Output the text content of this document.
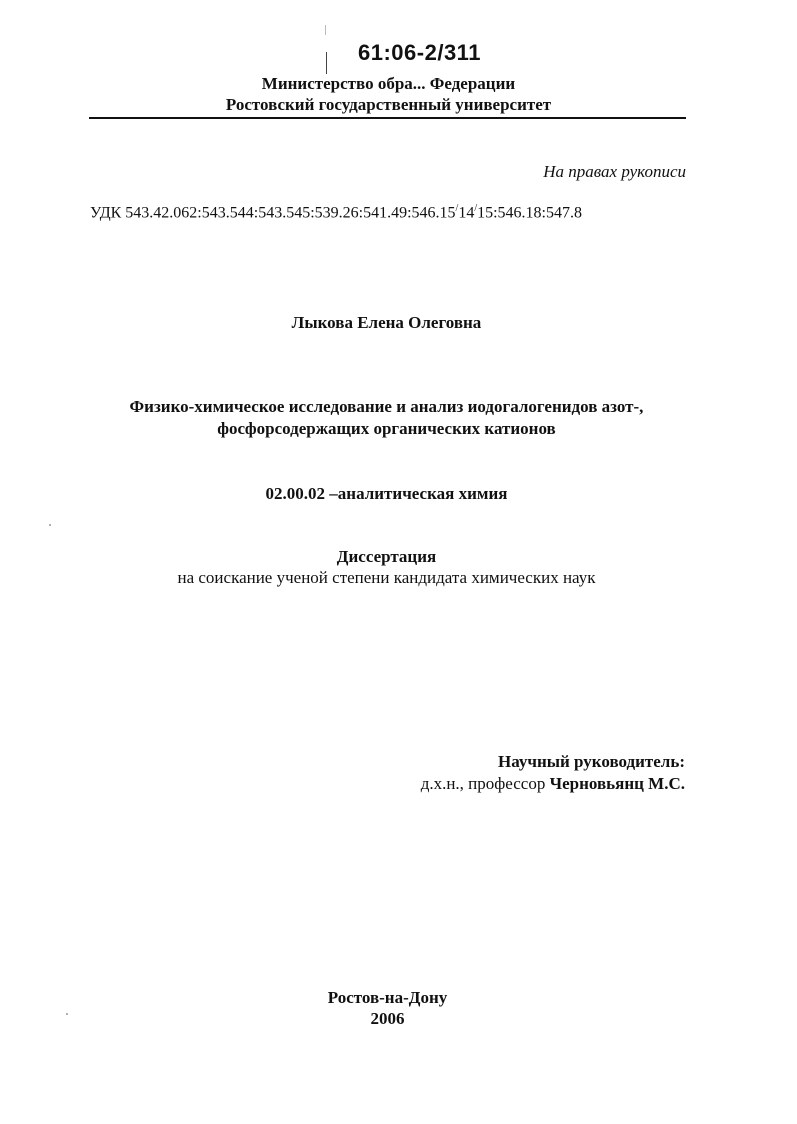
61:06-2/311
Министерство обра... Федерации
Ростовский государственный университет
На правах рукописи
УДК 543.42.062:543.544:543.545:539.26:541.49:546.15/14/15:546.18:547.8
Лыкова Елена Олеговна
Физико-химическое исследование и анализ иодогалогенидов азот-,
фосфорсодержащих органических катионов
02.00.02 –аналитическая химия
Диссертация
на соискание ученой степени кандидата химических наук
Научный руководитель:
д.х.н., профессор Черновьянц М.С.
Ростов-на-Дону
2006
